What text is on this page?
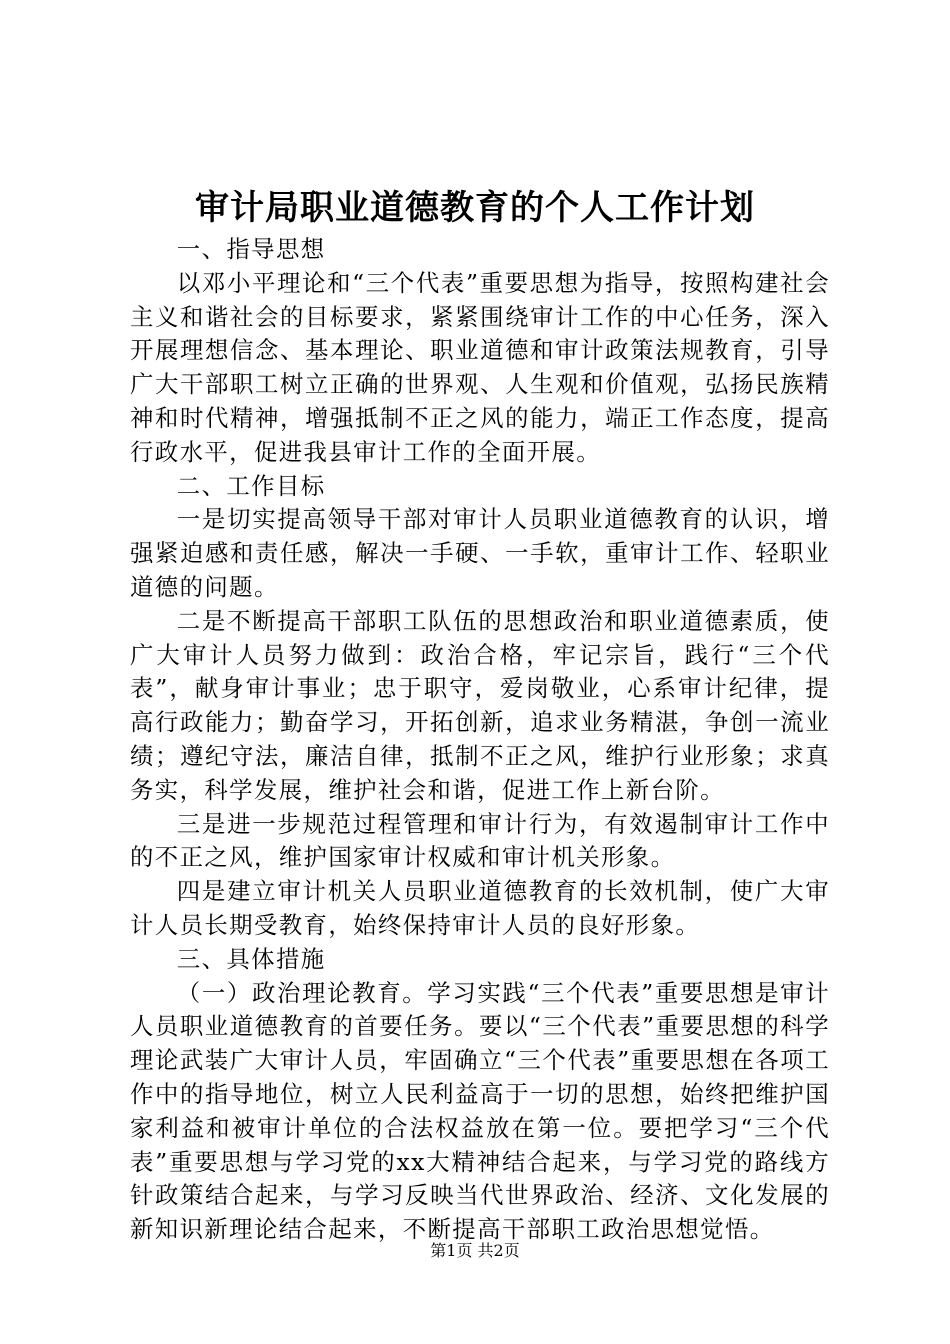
审计局职业道德教育的个人工作计划

一、指导思想

以邓小平理论和“三个代表”重要思想为指导，按照构建社会主义和谐社会的目标要求，紧紧围绕审计工作的中心任务，深入开展理想信念、基本理论、职业道德和审计政策法规教育，引导广大干部职工树立正确的世界观、人生观和价值观，弘扬民族精神和时代精神，增强抵制不正之风的能力，端正工作态度，提高行政水平，促进我县审计工作的全面开展。

二、工作目标

一是切实提高领导干部对审计人员职业道德教育的认识，增强紧迫感和责任感，解决一手硬、一手软，重审计工作、轻职业道德的问题。

二是不断提高干部职工队伍的思想政治和职业道德素质，使广大审计人员努力做到：政治合格，牢记宗旨，践行“三个代表”，献身审计事业；忠于职守，爱岗敬业，心系审计纪律，提高行政能力；勤奋学习，开拓创新，追求业务精湛，争创一流业绩；遵纪守法，廉洁自律，抵制不正之风，维护行业形象；求真务实，科学发展，维护社会和谐，促进工作上新台阶。

三是进一步规范过程管理和审计行为，有效遏制审计工作中的不正之风，维护国家审计权威和审计机关形象。

四是建立审计机关人员职业道德教育的长效机制，使广大审计人员长期受教育，始终保持审计人员的良好形象。

三、具体措施

（一）政治理论教育。学习实践“三个代表”重要思想是审计人员职业道德教育的首要任务。要以“三个代表”重要思想的科学理论武装广大审计人员，牢固确立“三个代表”重要思想在各项工作中的指导地位，树立人民利益高于一切的思想，始终把维护国家利益和被审计单位的合法权益放在第一位。要把学习“三个代表”重要思想与学习党的xx大精神结合起来，与学习党的路线方针政策结合起来，与学习反映当代世界政治、经济、文化发展的新知识新理论结合起来，不断提高干部职工政治思想觉悟。

第1页 共2页
